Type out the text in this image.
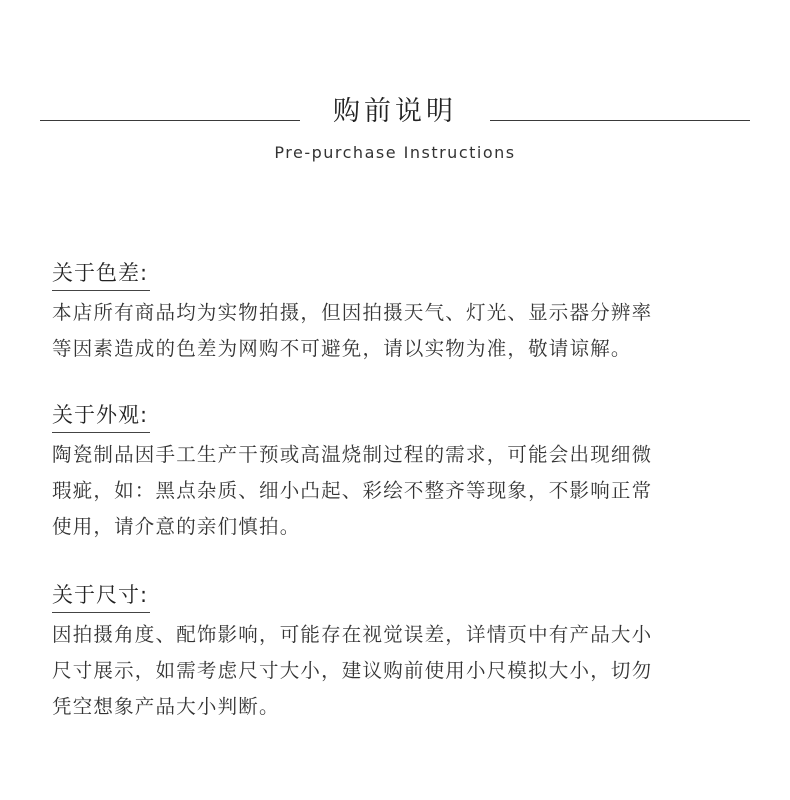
购前说明
Pre-purchase Instructions
关于色差:
本店所有商品均为实物拍摄，但因拍摄天气、灯光、显示器分辨率
等因素造成的色差为网购不可避免，请以实物为准，敬请谅解。
关于外观:
陶瓷制品因手工生产干预或高温烧制过程的需求，可能会出现细微
瑕疵，如：黑点杂质、细小凸起、彩绘不整齐等现象，不影响正常
使用，请介意的亲们慎拍。
关于尺寸:
因拍摄角度、配饰影响，可能存在视觉误差，详情页中有产品大小
尺寸展示，如需考虑尺寸大小，建议购前使用小尺模拟大小，切勿
凭空想象产品大小判断。
